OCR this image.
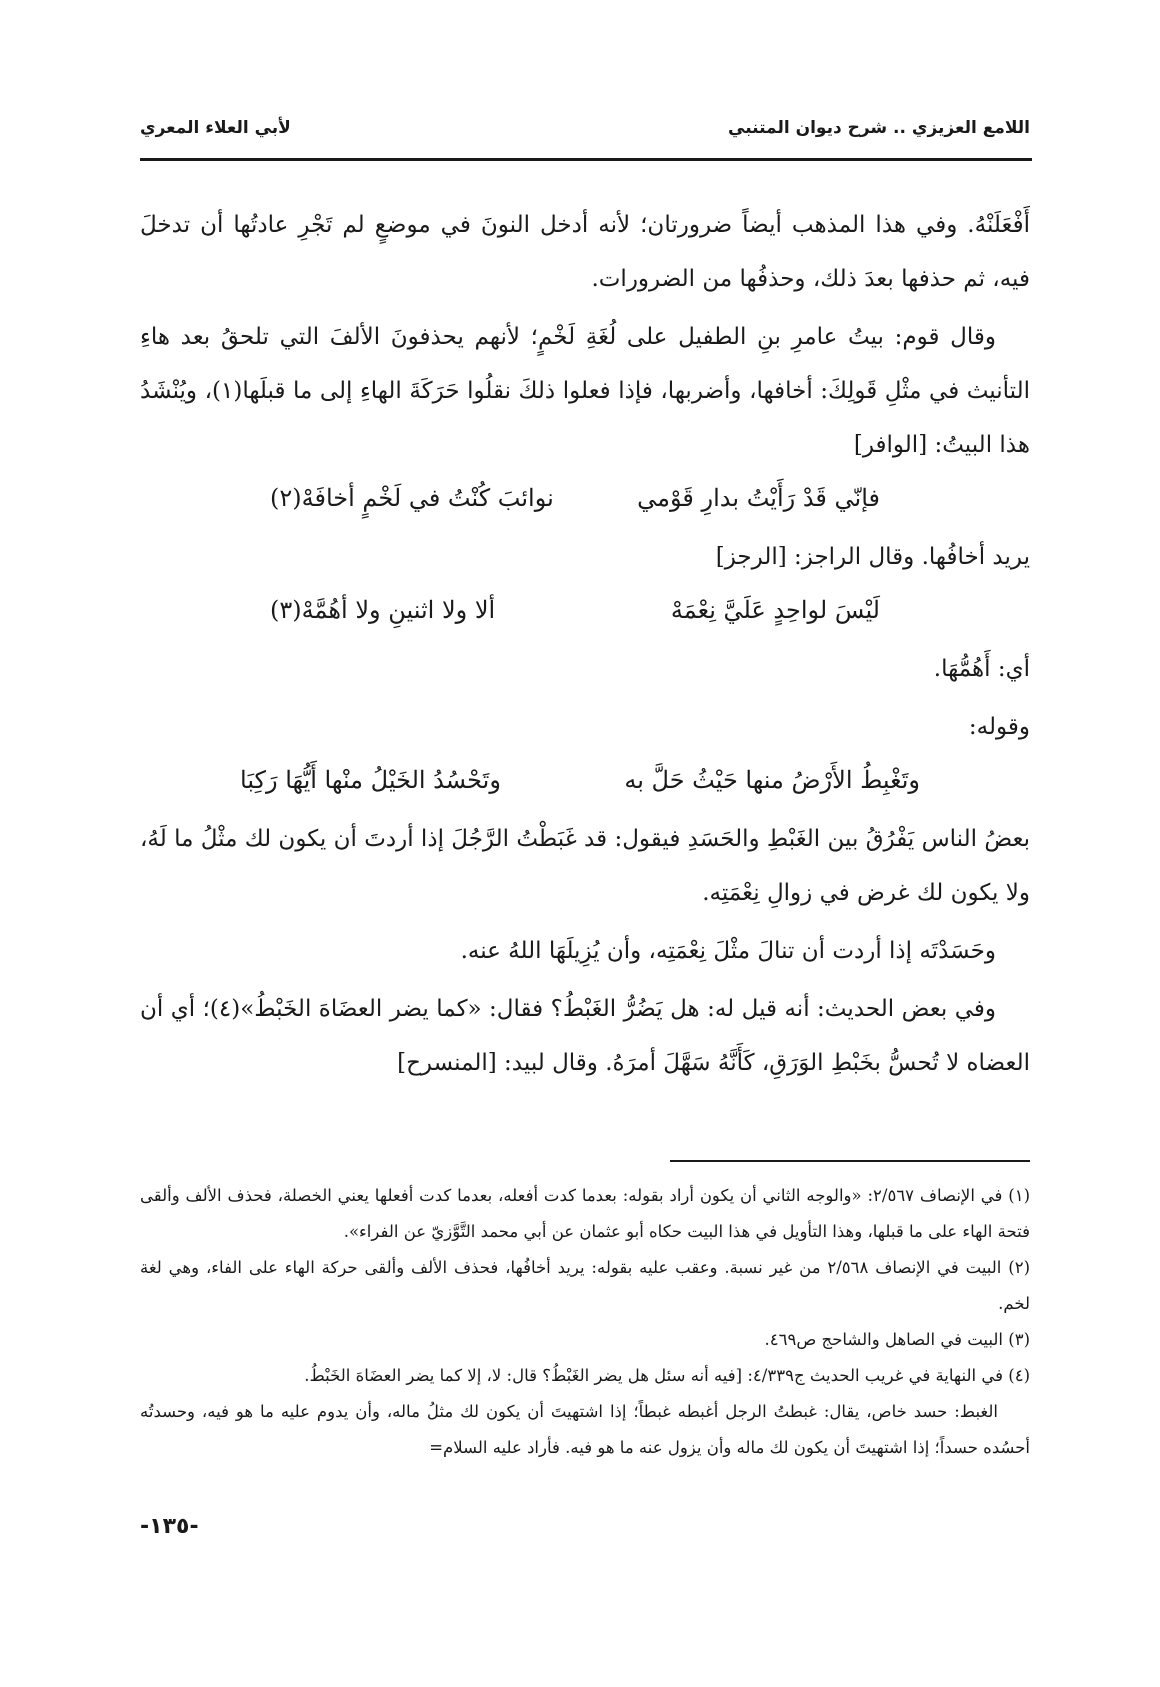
اللامع العزيزي .. شرح ديوان المتنبي
لأبي العلاء المعري

أَفْعَلَنْهُ. وفي هذا المذهب أيضاً ضرورتان؛ لأنه أدخل النونَ في موضعٍ لم تَجْرِ عادتُها أن تدخلَ فيه، ثم حذفها بعدَ ذلك، وحذفُها من الضرورات.

وقال قوم: بيتُ عامرِ بنِ الطفيل على لُغَةِ لَخْمٍ؛ لأنهم يحذفونَ الألفَ التي تلحقُ بعد هاءِ التأنيث في مثْلِ قَولِكَ: أخافها، وأضربها، فإذا فعلوا ذلكَ نقلُوا حَرَكَةَ الهاءِ إلى ما قبلَها(١)، ويُنْشَدُ هذا البيتُ: [الوافر]

فإنّي قَدْ رَأَيْتُ بدارِ قَوْمي
نوائبَ كُنْتُ في لَخْمٍ أخافَهْ(٢)

يريد أخافُها. وقال الراجز: [الرجز]

لَيْسَ لواحِدٍ عَلَيَّ نِعْمَهْ
ألا ولا اثنينِ ولا أهُمَّهْ(٣)

أي: أَهُمُّهَا.

وقوله:

وتَغْبِطُ الأَرْضُ منها حَيْثُ حَلَّ به
وتَحْسُدُ الخَيْلُ منْها أَيُّهَا رَكِبَا

بعضُ الناس يَفْرُقُ بين الغَبْطِ والحَسَدِ فيقول: قد غَبَطْتُ الرَّجُلَ إذا أردتَ أن يكون لك مثْلُ ما لَهُ، ولا يكون لك غرض في زوالِ نِعْمَتِه.

وحَسَدْتَه إذا أردت أن تنالَ مثْلَ نِعْمَتِه، وأن يُزِيلَهَا اللهُ عنه.

وفي بعض الحديث: أنه قيل له: هل يَضُرُّ الغَبْطُ؟ فقال: «كما يضر العضَاهَ الخَبْطُ»(٤)؛ أي أن العضاه لا تُحسُّ بخَبْطِ الوَرَقِ، كَأَنَّهُ سَهَّلَ أمرَهُ. وقال لبيد: [المنسرح]

(١) في الإنصاف ٢/٥٦٧: «والوجه الثاني أن يكون أراد بقوله: بعدما كدت أفعله، بعدما كدت أفعلها يعني الخصلة، فحذف الألف وألقى فتحة الهاء على ما قبلها، وهذا التأويل في هذا البيت حكاه أبو عثمان عن أبي محمد التَّوَّزيّ عن الفراء».

(٢) البيت في الإنصاف ٢/٥٦٨ من غير نسبة. وعقب عليه بقوله: يريد أخافُها، فحذف الألف وألقى حركة الهاء على الفاء، وهي لغة لخم.

(٣) البيت في الصاهل والشاحج ص٤٦٩.

(٤) في النهاية في غريب الحديث ج٤/٣٣٩: [فيه أنه سئل هل يضر الغَبْطُ؟ قال: لا، إلا كما يضر العضَاهَ الخَبْطُ.

الغبط: حسد خاص، يقال: غبطتُ الرجل أغبطه غبطاً؛ إذا اشتهيتَ أن يكون لك مثلُ ماله، وأن يدوم عليه ما هو فيه، وحسدتُه أحسُده حسداً؛ إذا اشتهيتَ أن يكون لك ماله وأن يزول عنه ما هو فيه. فأراد عليه السلام=

-١٣٥-
